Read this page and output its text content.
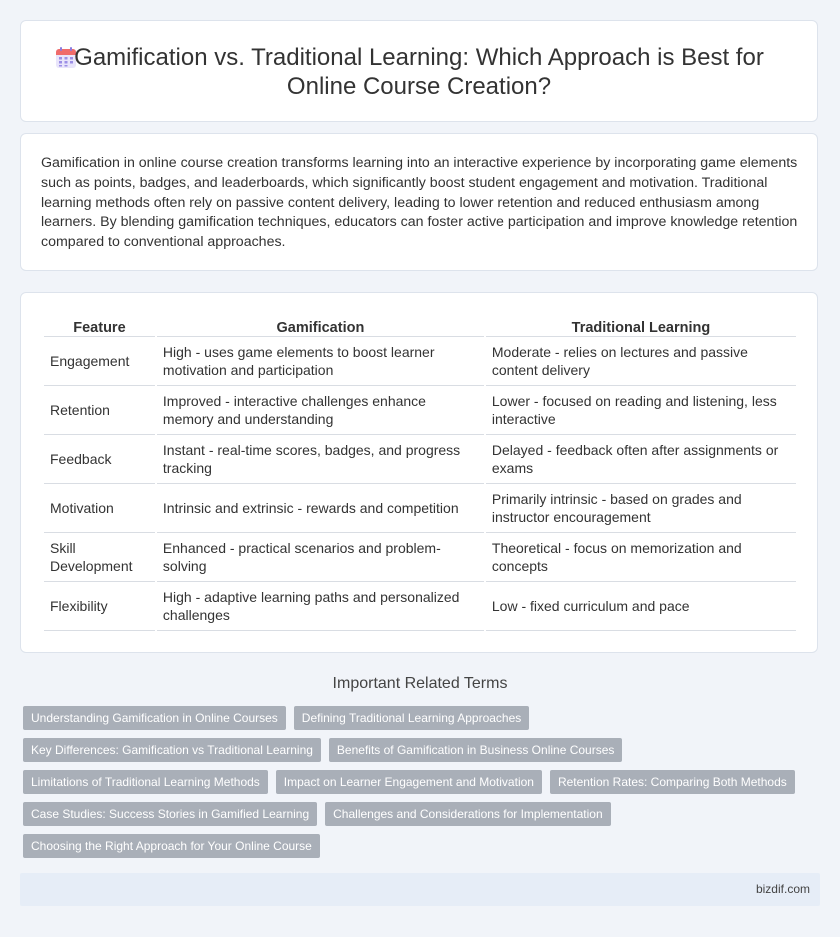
Gamification vs. Traditional Learning: Which Approach is Best for Online Course Creation?

Gamification in online course creation transforms learning into an interactive experience by incorporating game elements such as points, badges, and leaderboards, which significantly boost student engagement and motivation. Traditional learning methods often rely on passive content delivery, leading to lower retention and reduced enthusiasm among learners. By blending gamification techniques, educators can foster active participation and improve knowledge retention compared to conventional approaches.

Feature	Gamification	Traditional Learning
Engagement	High - uses game elements to boost learner motivation and participation	Moderate - relies on lectures and passive content delivery
Retention	Improved - interactive challenges enhance memory and understanding	Lower - focused on reading and listening, less interactive
Feedback	Instant - real-time scores, badges, and progress tracking	Delayed - feedback often after assignments or exams
Motivation	Intrinsic and extrinsic - rewards and competition	Primarily intrinsic - based on grades and instructor encouragement
Skill Development	Enhanced - practical scenarios and problem-solving	Theoretical - focus on memorization and concepts
Flexibility	High - adaptive learning paths and personalized challenges	Low - fixed curriculum and pace
Important Related Terms
Understanding Gamification in Online Courses	Defining Traditional Learning Approaches
Key Differences: Gamification vs Traditional Learning	Benefits of Gamification in Business Online Courses
Limitations of Traditional Learning Methods	Impact on Learner Engagement and Motivation	Retention Rates: Comparing Both Methods
Case Studies: Success Stories in Gamified Learning	Challenges and Considerations for Implementation
Choosing the Right Approach for Your Online Course
bizdif.com
